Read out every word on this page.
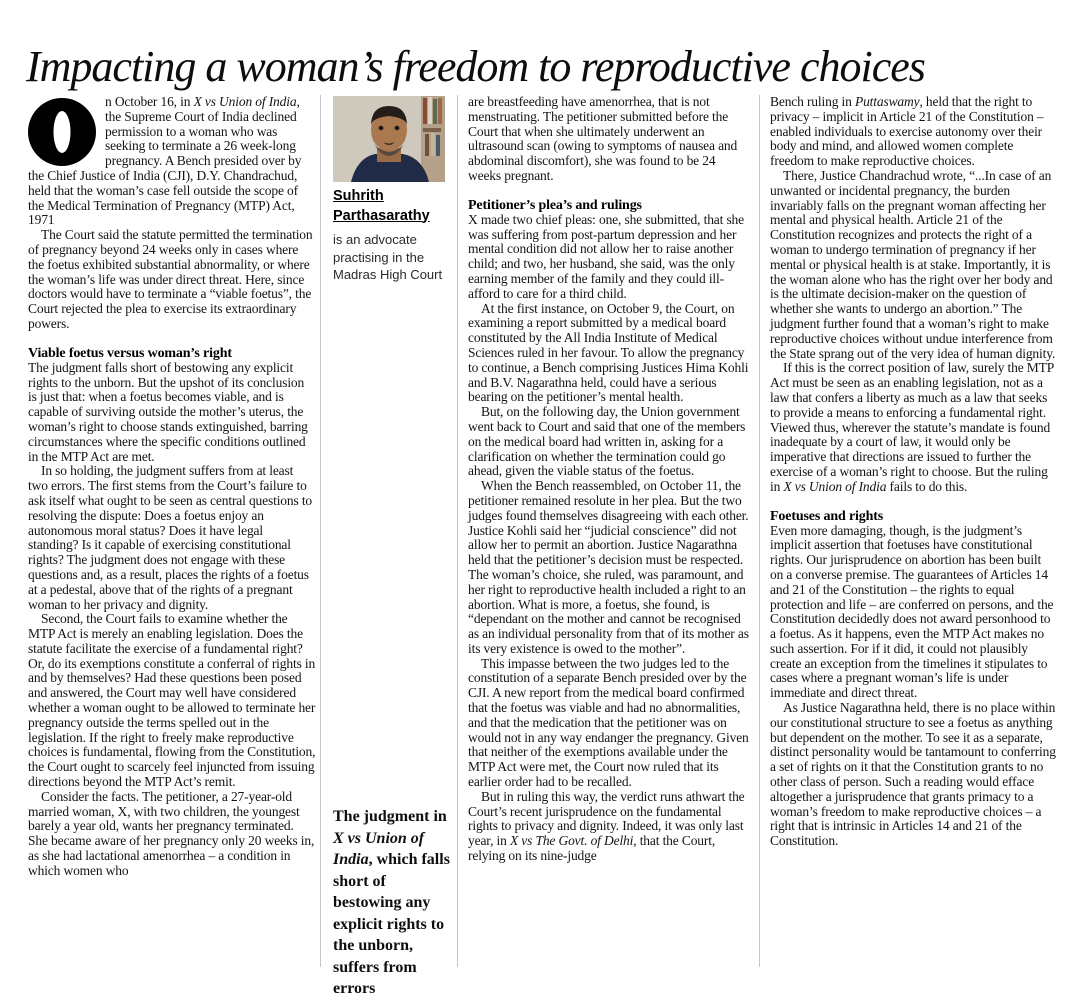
Impacting a woman’s freedom to reproductive choices

n October 16, in X vs Union of India, the Supreme Court of India declined permission to a woman who was seeking to terminate a 26 week-long pregnancy. A Bench presided over by the Chief Justice of India (CJI), D.Y. Chandrachud, held that the woman’s case fell outside the scope of the Medical Termination of Pregnancy (MTP) Act, 1971

The Court said the statute permitted the termination of pregnancy beyond 24 weeks only in cases where the foetus exhibited substantial abnormality, or where the woman’s life was under direct threat. Here, since doctors would have to terminate a “viable foetus”, the Court rejected the plea to exercise its extraordinary powers.

Viable foetus versus woman’s right

The judgment falls short of bestowing any explicit rights to the unborn. But the upshot of its conclusion is just that: when a foetus becomes viable, and is capable of surviving outside the mother’s uterus, the woman’s right to choose stands extinguished, barring circumstances where the specific conditions outlined in the MTP Act are met.

In so holding, the judgment suffers from at least two errors. The first stems from the Court’s failure to ask itself what ought to be seen as central questions to resolving the dispute: Does a foetus enjoy an autonomous moral status? Does it have legal standing? Is it capable of exercising constitutional rights? The judgment does not engage with these questions and, as a result, places the rights of a foetus at a pedestal, above that of the rights of a pregnant woman to her privacy and dignity.

Second, the Court fails to examine whether the MTP Act is merely an enabling legislation. Does the statute facilitate the exercise of a fundamental right? Or, do its exemptions constitute a conferral of rights in and by themselves? Had these questions been posed and answered, the Court may well have considered whether a woman ought to be allowed to terminate her pregnancy outside the terms spelled out in the legislation. If the right to freely make reproductive choices is fundamental, flowing from the Constitution, the Court ought to scarcely feel injuncted from issuing directions beyond the MTP Act’s remit.

Consider the facts. The petitioner, a 27-year-old married woman, X, with two children, the youngest barely a year old, wants her pregnancy terminated. She became aware of her pregnancy only 20 weeks in, as she had lactational amenorrhea – a condition in which women who

Suhrith Parthasarathy
is an advocate practising in the Madras High Court
The judgment in X vs Union of India, which falls short of bestowing any explicit rights to the unborn, suffers from errors

are breastfeeding have amenorrhea, that is not menstruating. The petitioner submitted before the Court that when she ultimately underwent an ultrasound scan (owing to symptoms of nausea and abdominal discomfort), she was found to be 24 weeks pregnant.

Petitioner’s plea’s and rulings

X made two chief pleas: one, she submitted, that she was suffering from post-partum depression and her mental condition did not allow her to raise another child; and two, her husband, she said, was the only earning member of the family and they could ill-afford to care for a third child.

At the first instance, on October 9, the Court, on examining a report submitted by a medical board constituted by the All India Institute of Medical Sciences ruled in her favour. To allow the pregnancy to continue, a Bench comprising Justices Hima Kohli and B.V. Nagarathna held, could have a serious bearing on the petitioner’s mental health.

But, on the following day, the Union government went back to Court and said that one of the members on the medical board had written in, asking for a clarification on whether the termination could go ahead, given the viable status of the foetus.

When the Bench reassembled, on October 11, the petitioner remained resolute in her plea. But the two judges found themselves disagreeing with each other. Justice Kohli said her “judicial conscience” did not allow her to permit an abortion. Justice Nagarathna held that the petitioner’s decision must be respected. The woman’s choice, she ruled, was paramount, and her right to reproductive health included a right to an abortion. What is more, a foetus, she found, is “dependant on the mother and cannot be recognised as an individual personality from that of its mother as its very existence is owed to the mother”.

This impasse between the two judges led to the constitution of a separate Bench presided over by the CJI. A new report from the medical board confirmed that the foetus was viable and had no abnormalities, and that the medication that the petitioner was on would not in any way endanger the pregnancy. Given that neither of the exemptions available under the MTP Act were met, the Court now ruled that its earlier order had to be recalled.

But in ruling this way, the verdict runs athwart the Court’s recent jurisprudence on the fundamental rights to privacy and dignity. Indeed, it was only last year, in X vs The Govt. of Delhi, that the Court, relying on its nine-judge

Bench ruling in Puttaswamy, held that the right to privacy – implicit in Article 21 of the Constitution –enabled individuals to exercise autonomy over their body and mind, and allowed women complete freedom to make reproductive choices.

There, Justice Chandrachud wrote, “...In case of an unwanted or incidental pregnancy, the burden invariably falls on the pregnant woman affecting her mental and physical health. Article 21 of the Constitution recognizes and protects the right of a woman to undergo termination of pregnancy if her mental or physical health is at stake. Importantly, it is the woman alone who has the right over her body and is the ultimate decision-maker on the question of whether she wants to undergo an abortion.” The judgment further found that a woman’s right to make reproductive choices without undue interference from the State sprang out of the very idea of human dignity.

If this is the correct position of law, surely the MTP Act must be seen as an enabling legislation, not as a law that confers a liberty as much as a law that seeks to provide a means to enforcing a fundamental right. Viewed thus, wherever the statute’s mandate is found inadequate by a court of law, it would only be imperative that directions are issued to further the exercise of a woman’s right to choose. But the ruling in X vs Union of India fails to do this.

Foetuses and rights

Even more damaging, though, is the judgment’s implicit assertion that foetuses have constitutional rights. Our jurisprudence on abortion has been built on a converse premise. The guarantees of Articles 14 and 21 of the Constitution – the rights to equal protection and life – are conferred on persons, and the Constitution decidedly does not award personhood to a foetus. As it happens, even the MTP Act makes no such assertion. For if it did, it could not plausibly create an exception from the timelines it stipulates to cases where a pregnant woman’s life is under immediate and direct threat.

As Justice Nagarathna held, there is no place within our constitutional structure to see a foetus as anything but dependent on the mother. To see it as a separate, distinct personality would be tantamount to conferring a set of rights on it that the Constitution grants to no other class of person. Such a reading would efface altogether a jurisprudence that grants primacy to a woman’s freedom to make reproductive choices – a right that is intrinsic in Articles 14 and 21 of the Constitution.
